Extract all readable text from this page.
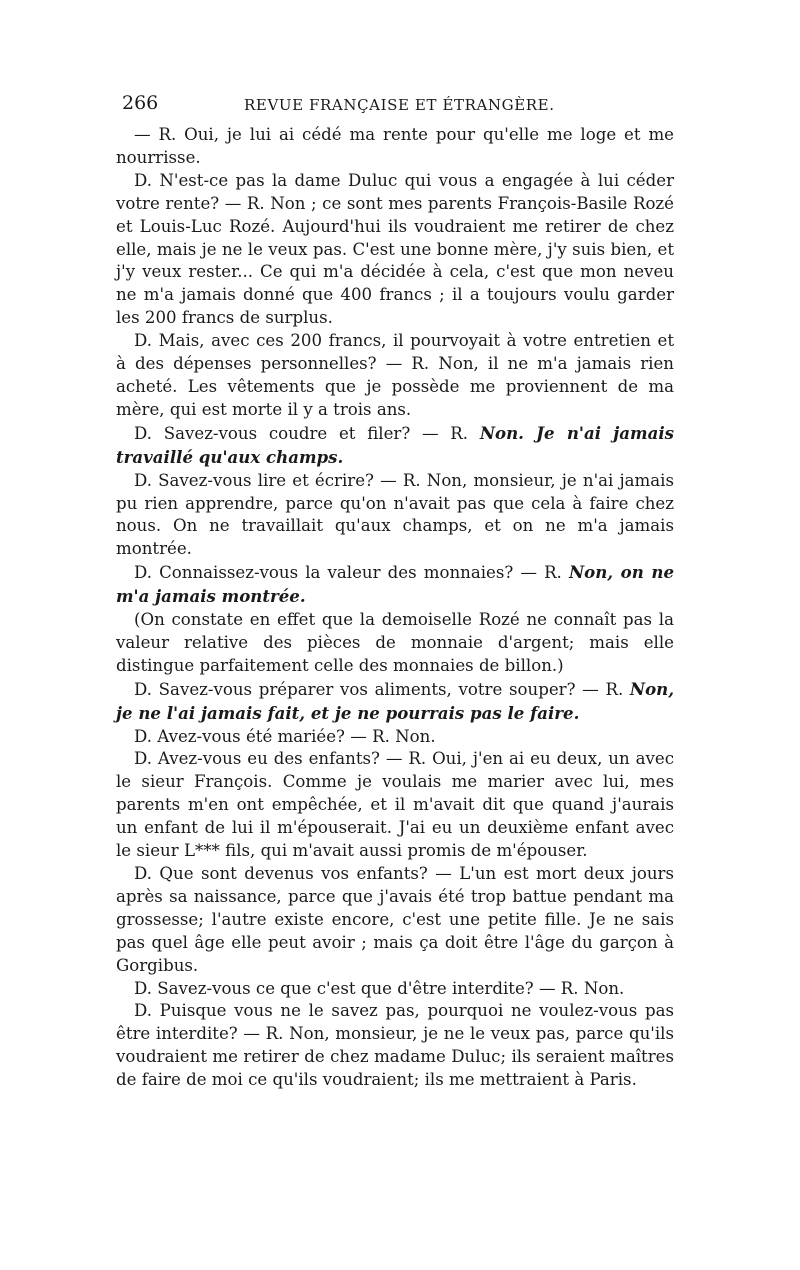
266	REVUE FRANÇAISE ET ÉTRANGÈRE.

— R. Oui, je lui ai cédé ma rente pour qu'elle me loge et me nourrisse.

D. N'est-ce pas la dame Duluc qui vous a engagée à lui céder votre rente? — R. Non ; ce sont mes parents François-Basile Rozé et Louis-Luc Rozé. Aujourd'hui ils voudraient me retirer de chez elle, mais je ne le veux pas. C'est une bonne mère, j'y suis bien, et j'y veux rester... Ce qui m'a décidée à cela, c'est que mon neveu ne m'a jamais donné que 400 francs ; il a toujours voulu garder les 200 francs de surplus.

D. Mais, avec ces 200 francs, il pourvoyait à votre entretien et à des dépenses personnelles? — R. Non, il ne m'a jamais rien acheté. Les vêtements que je possède me proviennent de ma mère, qui est morte il y a trois ans.

D. Savez-vous coudre et filer? — R. Non. Je n'ai jamais travaillé qu'aux champs.

D. Savez-vous lire et écrire? — R. Non, monsieur, je n'ai jamais pu rien apprendre, parce qu'on n'avait pas que cela à faire chez nous. On ne travaillait qu'aux champs, et on ne m'a jamais montrée.

D. Connaissez-vous la valeur des monnaies? — R. Non, on ne m'a jamais montrée.

(On constate en effet que la demoiselle Rozé ne connaît pas la valeur relative des pièces de monnaie d'argent; mais elle distingue parfaitement celle des monnaies de billon.)

D. Savez-vous préparer vos aliments, votre souper? — R. Non, je ne l'ai jamais fait, et je ne pourrais pas le faire.

D. Avez-vous été mariée? — R. Non.

D. Avez-vous eu des enfants? — R. Oui, j'en ai eu deux, un avec le sieur François. Comme je voulais me marier avec lui, mes parents m'en ont empêchée, et il m'avait dit que quand j'aurais un enfant de lui il m'épouserait. J'ai eu un deuxième enfant avec le sieur L*** fils, qui m'avait aussi promis de m'épouser.

D. Que sont devenus vos enfants? — L'un est mort deux jours après sa naissance, parce que j'avais été trop battue pendant ma grossesse; l'autre existe encore, c'est une petite fille. Je ne sais pas quel âge elle peut avoir ; mais ça doit être l'âge du garçon à Gorgibus.

D. Savez-vous ce que c'est que d'être interdite? — R. Non.

D. Puisque vous ne le savez pas, pourquoi ne voulez-vous pas être interdite? — R. Non, monsieur, je ne le veux pas, parce qu'ils voudraient me retirer de chez madame Duluc; ils seraient maîtres de faire de moi ce qu'ils voudraient; ils me mettraient à Paris.
